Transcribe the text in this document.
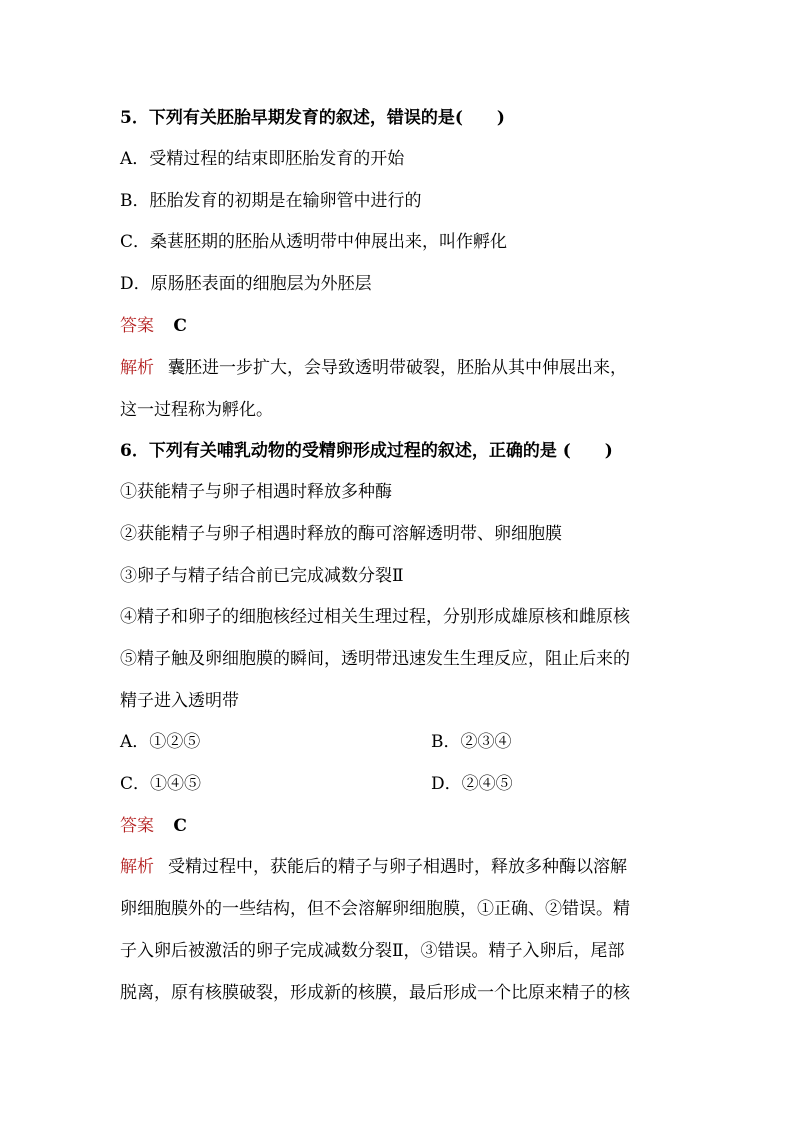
5．下列有关胚胎早期发育的叙述，错误的是(　　)
A．受精过程的结束即胚胎发育的开始
B．胚胎发育的初期是在输卵管中进行的
C．桑葚胚期的胚胎从透明带中伸展出来，叫作孵化
D．原肠胚表面的细胞层为外胚层
答案 C
解析 囊胚进一步扩大，会导致透明带破裂，胚胎从其中伸展出来，
这一过程称为孵化。
6．下列有关哺乳动物的受精卵形成过程的叙述，正确的是 (　　)
①获能精子与卵子相遇时释放多种酶
②获能精子与卵子相遇时释放的酶可溶解透明带、卵细胞膜
③卵子与精子结合前已完成减数分裂Ⅱ
④精子和卵子的细胞核经过相关生理过程，分别形成雄原核和雌原核
⑤精子触及卵细胞膜的瞬间，透明带迅速发生生理反应，阻止后来的
精子进入透明带
A．①②⑤	B．②③④
C．①④⑤	D．②④⑤
答案 C
解析 受精过程中，获能后的精子与卵子相遇时，释放多种酶以溶解
卵细胞膜外的一些结构，但不会溶解卵细胞膜，①正确、②错误。精
子入卵后被激活的卵子完成减数分裂Ⅱ，③错误。精子入卵后，尾部
脱离，原有核膜破裂，形成新的核膜，最后形成一个比原来精子的核
